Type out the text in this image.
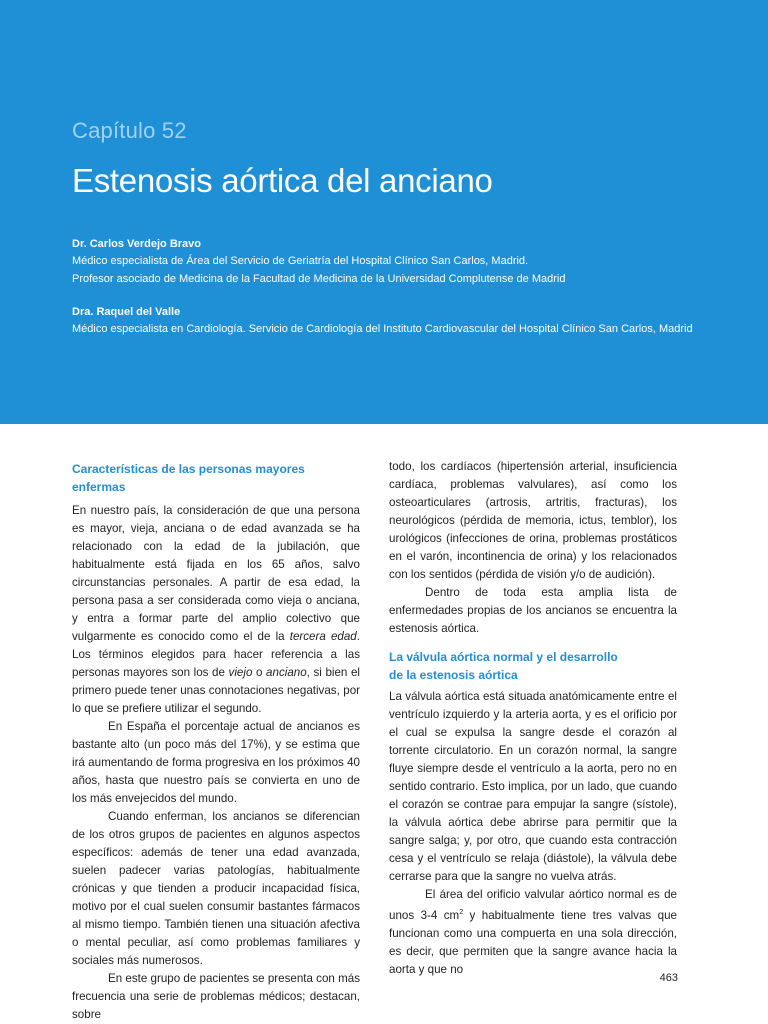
Capítulo 52
Estenosis aórtica del anciano
Dr. Carlos Verdejo Bravo
Médico especialista de Área del Servicio de Geriatría del Hospital Clínico San Carlos, Madrid.
Profesor asociado de Medicina de la Facultad de Medicina de la Universidad Complutense de Madrid
Dra. Raquel del Valle
Médico especialista en Cardiología. Servicio de Cardiología del Instituto Cardiovascular del Hospital Clínico San Carlos, Madrid
Características de las personas mayores enfermas

En nuestro país, la consideración de que una persona es mayor, vieja, anciana o de edad avanzada se ha relacionado con la edad de la jubilación, que habitualmente está fijada en los 65 años, salvo circunstancias personales. A partir de esa edad, la persona pasa a ser considerada como vieja o anciana, y entra a formar parte del amplio colectivo que vulgarmente es conocido como el de la tercera edad. Los términos elegidos para hacer referencia a las personas mayores son los de viejo o anciano, si bien el primero puede tener unas connotaciones negativas, por lo que se prefiere utilizar el segundo.

En España el porcentaje actual de ancianos es bastante alto (un poco más del 17%), y se estima que irá aumentando de forma progresiva en los próximos 40 años, hasta que nuestro país se convierta en uno de los más envejecidos del mundo.

Cuando enferman, los ancianos se diferencian de los otros grupos de pacientes en algunos aspectos específicos: además de tener una edad avanzada, suelen padecer varias patologías, habitualmente crónicas y que tienden a producir incapacidad física, motivo por el cual suelen consumir bastantes fármacos al mismo tiempo. También tienen una situación afectiva o mental peculiar, así como problemas familiares y sociales más numerosos.

En este grupo de pacientes se presenta con más frecuencia una serie de problemas médicos; destacan, sobre

todo, los cardíacos (hipertensión arterial, insuficiencia cardíaca, problemas valvulares), así como los osteoarticulares (artrosis, artritis, fracturas), los neurológicos (pérdida de memoria, ictus, temblor), los urológicos (infecciones de orina, problemas prostáticos en el varón, incontinencia de orina) y los relacionados con los sentidos (pérdida de visión y/o de audición).

Dentro de toda esta amplia lista de enfermedades propias de los ancianos se encuentra la estenosis aórtica.

La válvula aórtica normal y el desarrollo
de la estenosis aórtica

La válvula aórtica está situada anatómicamente entre el ventrículo izquierdo y la arteria aorta, y es el orificio por el cual se expulsa la sangre desde el corazón al torrente circulatorio. En un corazón normal, la sangre fluye siempre desde el ventrículo a la aorta, pero no en sentido contrario. Esto implica, por un lado, que cuando el corazón se contrae para empujar la sangre (sístole), la válvula aórtica debe abrirse para permitir que la sangre salga; y, por otro, que cuando esta contracción cesa y el ventrículo se relaja (diástole), la válvula debe cerrarse para que la sangre no vuelva atrás.

El área del orificio valvular aórtico normal es de unos 3-4 $cm^2$ y habitualmente tiene tres valvas que funcionan como una compuerta en una sola dirección, es decir, que permiten que la sangre avance hacia la aorta y que no

463
